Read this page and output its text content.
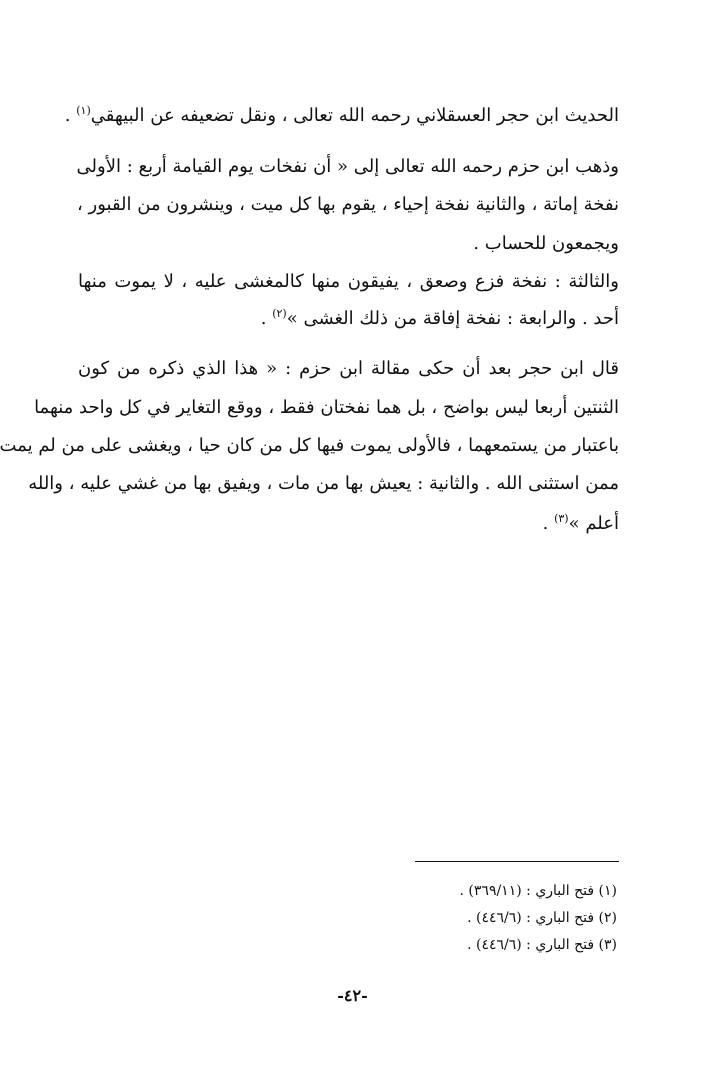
الحديث ابن حجر العسقلاني رحمه الله تعالى ، ونقل تضعيفه عن البيهقي$^{(١)}$ .
وذهب ابن حزم رحمه الله تعالى إلى « أن نفخات يوم القيامة أربع : الأولى
نفخة إماتة ، والثانية نفخة إحياء ، يقوم بها كل ميت ، وينشرون من القبور ،
ويجمعون للحساب .
والثالثة : نفخة فزع وصعق ، يفيقون منها كالمغشى عليه ، لا يموت منها
أحد . والرابعة : نفخة إفاقة من ذلك الغشى »$^{(٢)}$ .
قال ابن حجر بعد أن حكى مقالة ابن حزم : « هذا الذي ذكره من كون
الثنتين أربعا ليس بواضح ، بل هما نفختان فقط ، ووقع التغاير في كل واحد منهما
باعتبار من يستمعهما ، فالأولى يموت فيها كل من كان حيا ، ويغشى على من لم يمت
ممن استثنى الله . والثانية : يعيش بها من مات ، ويفيق بها من غشي عليه ، والله
أعلم »$^{(٣)}$ .
(١) فتح الباري : (٣٦٩/١١) .
(٢) فتح الباري : (٤٤٦/٦) .
(٣) فتح الباري : (٤٤٦/٦) .
-٤٢-
